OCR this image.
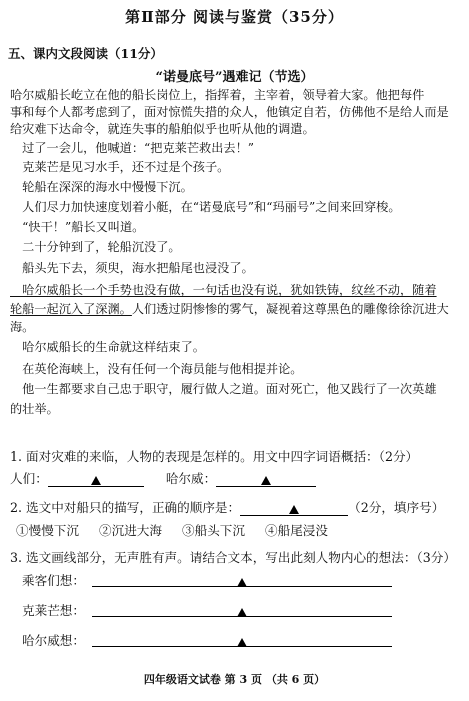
第Ⅱ部分 阅读与鉴赏（35分）
五、课内文段阅读（11分）
“诺曼底号”遇难记（节选）
哈尔威船长屹立在他的船长岗位上，指挥着，主宰着，领导着大家。他把每件
事和每个人都考虑到了，面对惊慌失措的众人，他镇定自若，仿佛他不是给人而是
给灾难下达命令，就连失事的船舶似乎也听从他的调遣。
　过了一会儿，他喊道：“把克莱芒救出去！”
　克莱芒是见习水手，还不过是个孩子。
　轮船在深深的海水中慢慢下沉。
　人们尽力加快速度划着小艇，在“诺曼底号”和“玛丽号”之间来回穿梭。
　“快干！”船长又叫道。
　二十分钟到了，轮船沉没了。
　船头先下去，须臾，海水把船尾也浸没了。
　哈尔威船长一个手势也没有做，一句话也没有说，犹如铁铸，纹丝不动，随着
轮船一起沉入了深渊。人们透过阴惨惨的雾气，凝视着这尊黑色的雕像徐徐沉进大
海。
　哈尔威船长的生命就这样结束了。
　在英伦海峡上，没有任何一个海员能与他相提并论。
　他一生都要求自己忠于职守，履行做人之道。面对死亡，他又践行了一次英雄
的壮举。
1. 面对灾难的来临，人物的表现是怎样的。用文中四字词语概括：（2分）
人们：	哈尔威：
2. 选文中对船只的描写，正确的顺序是：	（2分，填序号）
①慢慢下沉 ②沉进大海 ③船头下沉 ④船尾浸没
3. 选文画线部分，无声胜有声。请结合文本，写出此刻人物内心的想法：（3分）
乘客们想：
克莱芒想：
哈尔威想：
四年级语文试卷 第 3 页 （共 6 页）
